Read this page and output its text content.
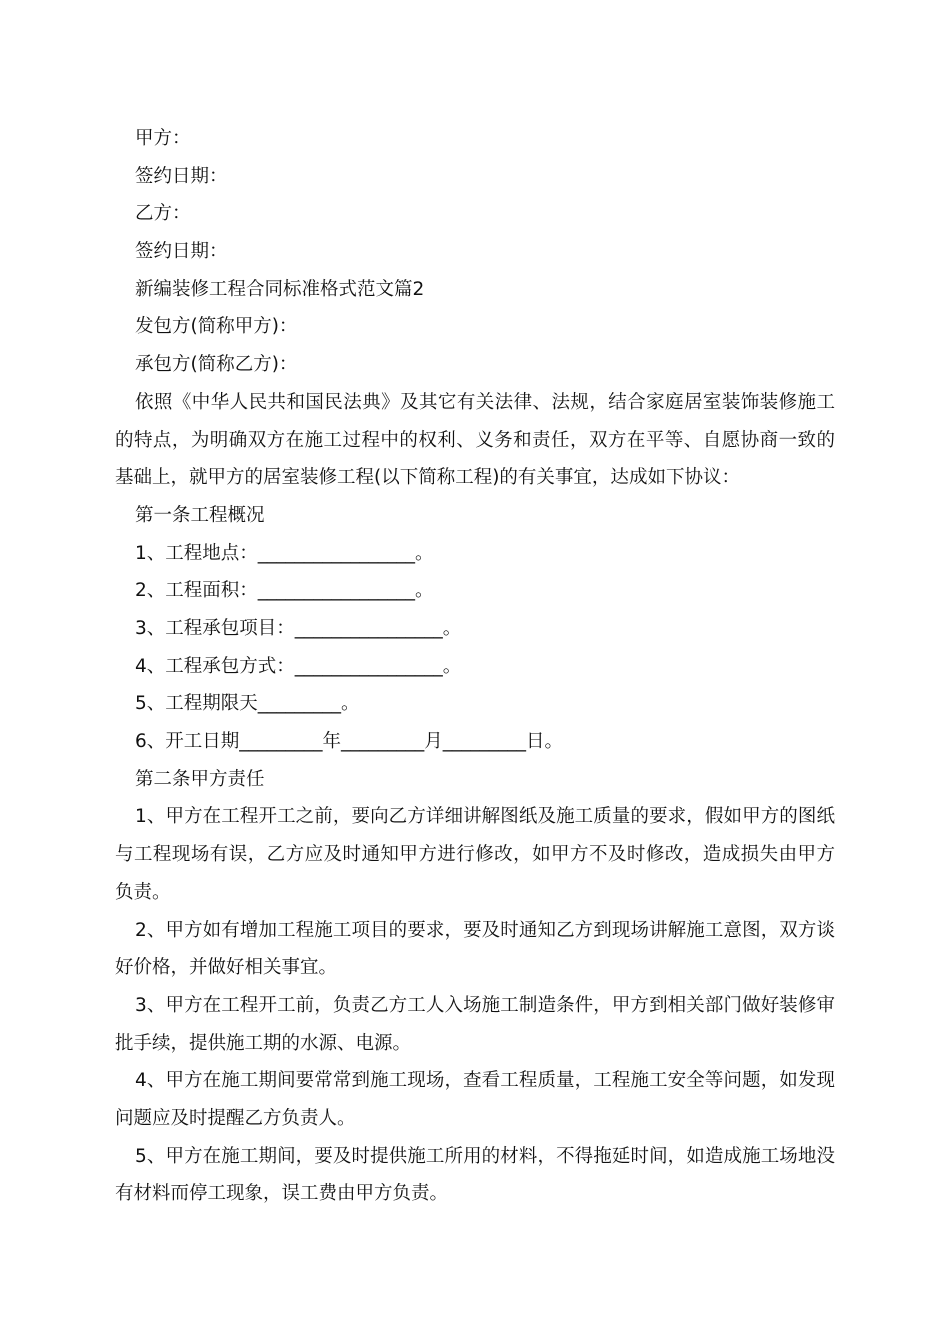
甲方：
签约日期：
乙方：
签约日期：
新编装修工程合同标准格式范文篇2
发包方(简称甲方)：
承包方(简称乙方)：

依照《中华人民共和国民法典》及其它有关法律、法规，结合家庭居室装饰装修施工的特点，为明确双方在施工过程中的权利、义务和责任，双方在平等、自愿协商一致的基础上，就甲方的居室装修工程(以下简称工程)的有关事宜，达成如下协议：

第一条工程概况
1、工程地点：_________________。
2、工程面积：_________________。
3、工程承包项目：________________。
4、工程承包方式：________________。
5、工程期限天_________。
6、开工日期_________年_________月_________日。
第二条甲方责任

1、甲方在工程开工之前，要向乙方详细讲解图纸及施工质量的要求，假如甲方的图纸与工程现场有误，乙方应及时通知甲方进行修改，如甲方不及时修改，造成损失由甲方负责。

2、甲方如有增加工程施工项目的要求，要及时通知乙方到现场讲解施工意图，双方谈好价格，并做好相关事宜。

3、甲方在工程开工前，负责乙方工人入场施工制造条件，甲方到相关部门做好装修审批手续，提供施工期的水源、电源。

4、甲方在施工期间要常常到施工现场，查看工程质量，工程施工安全等问题，如发现问题应及时提醒乙方负责人。

5、甲方在施工期间，要及时提供施工所用的材料，不得拖延时间，如造成施工场地没有材料而停工现象，误工费由甲方负责。
